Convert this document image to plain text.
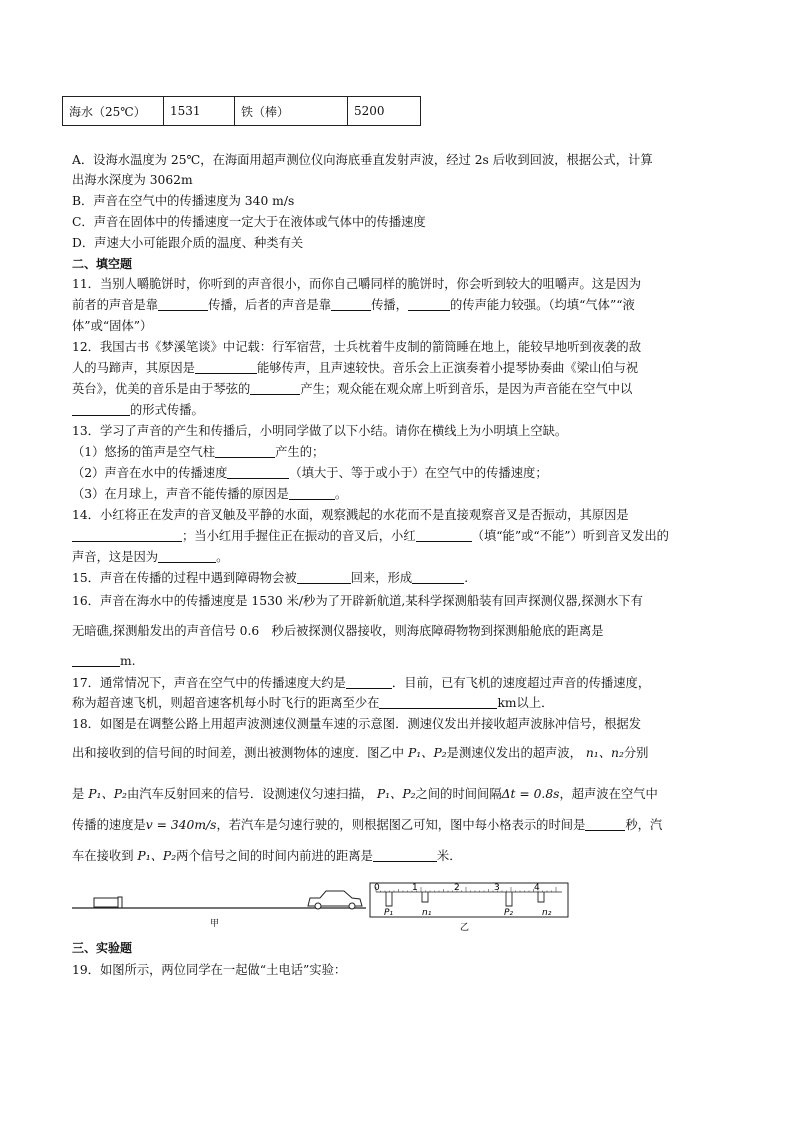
海水（25℃）	1531	铁（棒）	5200
A．设海水温度为 25℃，在海面用超声测位仪向海底垂直发射声波，经过 2s 后收到回波，根据公式，计算
出海水深度为 3062m
B．声音在空气中的传播速度为 340 m/s
C．声音在固体中的传播速度一定大于在液体或气体中的传播速度
D．声速大小可能跟介质的温度、种类有关
二、填空题
11．当别人嚼脆饼时，你听到的声音很小，而你自己嚼同样的脆饼时，你会听到较大的咀嚼声。这是因为
前者的声音是靠	传播，后者的声音是靠	传播，	的传声能力较强。（均填“气体”“液
体”或“固体”）
12．我国古书《梦溪笔谈》中记载：行军宿营，士兵枕着牛皮制的箭筒睡在地上，能较早地听到夜袭的敌
人的马蹄声，其原因是	能够传声，且声速较快。音乐会上正演奏着小提琴协奏曲《梁山伯与祝
英台》，优美的音乐是由于琴弦的	产生；观众能在观众席上听到音乐，是因为声音能在空气中以
的形式传播。
13．学习了声音的产生和传播后，小明同学做了以下小结。请你在横线上为小明填上空缺。
（1）悠扬的笛声是空气柱	产生的；
（2）声音在水中的传播速度	（填大于、等于或小于）在空气中的传播速度；
（3）在月球上，声音不能传播的原因是	。
14．小红将正在发声的音叉触及平静的水面，观察溅起的水花而不是直接观察音叉是否振动，其原因是
；当小红用手握住正在振动的音叉后，小红	（填“能”或“不能”）听到音叉发出的
声音，这是因为	。
15．声音在传播的过程中遇到障碍物会被	回来，形成	.
16．声音在海水中的传播速度是 1530 米/秒为了开辟新航道,某科学探测船装有回声探测仪器,探测水下有
无暗礁,探测船发出的声音信号 0.6　秒后被探测仪器接收，则海底障碍物物到探测船舱底的距离是
m.
17．通常情况下，声音在空气中的传播速度大约是	．目前，已有飞机的速度超过声音的传播速度，
称为超音速飞机，则超音速客机每小时飞行的距离至少在	km以上．
18．如图是在调整公路上用超声波测速仪测量车速的示意图．测速仪发出并接收超声波脉冲信号，根据发
出和接收到的信号间的时间差，测出被测物体的速度．图乙中 P₁、P₂是测速仪发出的超声波， n₁、n₂分别
是 P₁、P₂由汽车反射回来的信号．设测速仪匀速扫描， P₁、P₂之间的时间间隔Δt = 0.8s，超声波在空气中
传播的速度是v = 340m/s，若汽车是匀速行驶的，则根据图乙可知，图中每小格表示的时间是	秒，汽
车在接收到 P₁、P₂两个信号之间的时间内前进的距离是	米．
甲
0	1	2	3	4
P₁	n₁	P₂	n₂
乙
三、实验题
19．如图所示，两位同学在一起做“土电话”实验：
